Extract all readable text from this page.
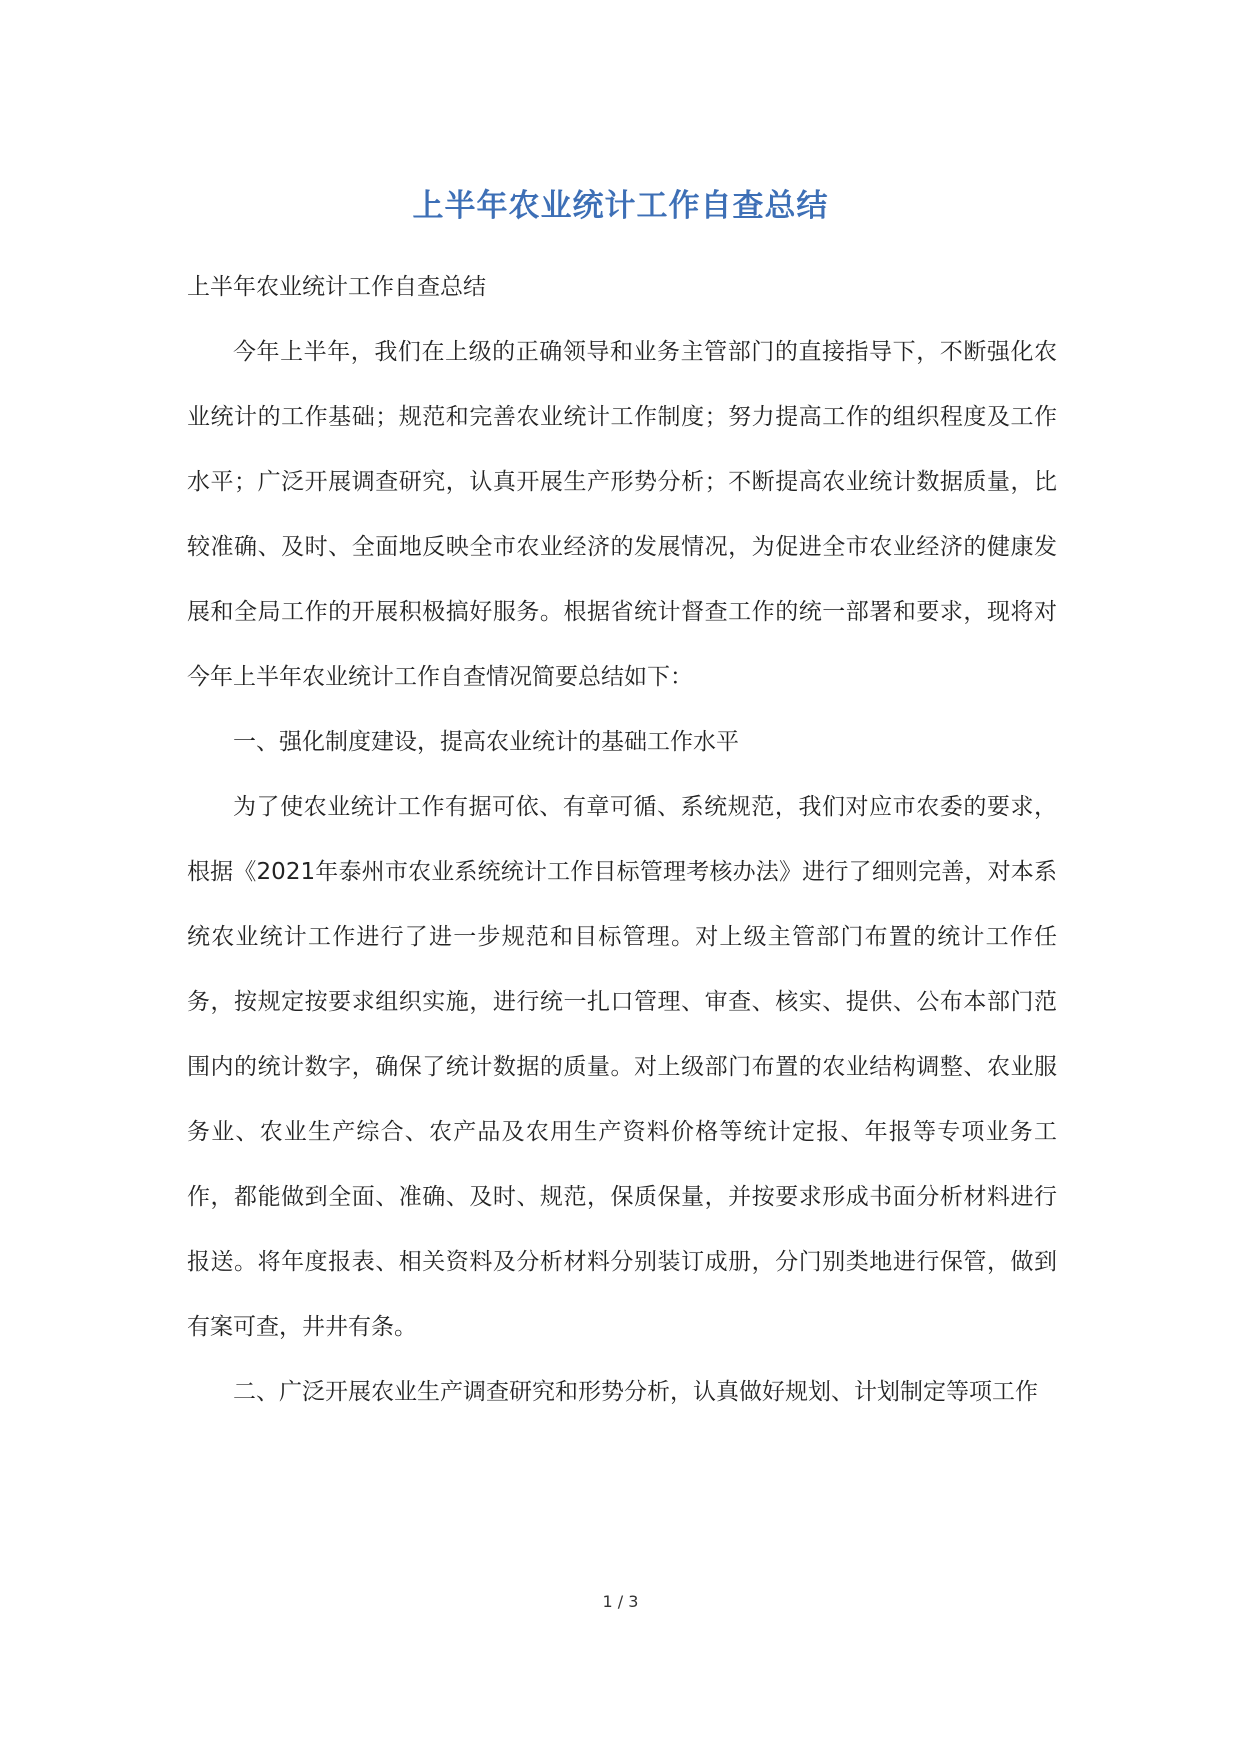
上半年农业统计工作自查总结

上半年农业统计工作自查总结

今年上半年，我们在上级的正确领导和业务主管部门的直接指导下，不断强化农业统计的工作基础；规范和完善农业统计工作制度；努力提高工作的组织程度及工作水平；广泛开展调查研究，认真开展生产形势分析；不断提高农业统计数据质量，比较准确、及时、全面地反映全市农业经济的发展情况，为促进全市农业经济的健康发展和全局工作的开展积极搞好服务。根据省统计督查工作的统一部署和要求，现将对今年上半年农业统计工作自查情况简要总结如下：

一、强化制度建设，提高农业统计的基础工作水平

为了使农业统计工作有据可依、有章可循、系统规范，我们对应市农委的要求，根据《2021年泰州市农业系统统计工作目标管理考核办法》进行了细则完善，对本系统农业统计工作进行了进一步规范和目标管理。对上级主管部门布置的统计工作任务，按规定按要求组织实施，进行统一扎口管理、审查、核实、提供、公布本部门范围内的统计数字，确保了统计数据的质量。对上级部门布置的农业结构调整、农业服务业、农业生产综合、农产品及农用生产资料价格等统计定报、年报等专项业务工作，都能做到全面、准确、及时、规范，保质保量，并按要求形成书面分析材料进行报送。将年度报表、相关资料及分析材料分别装订成册，分门别类地进行保管，做到有案可查，井井有条。

二、广泛开展农业生产调查研究和形势分析，认真做好规划、计划制定等项工作

1 / 3
